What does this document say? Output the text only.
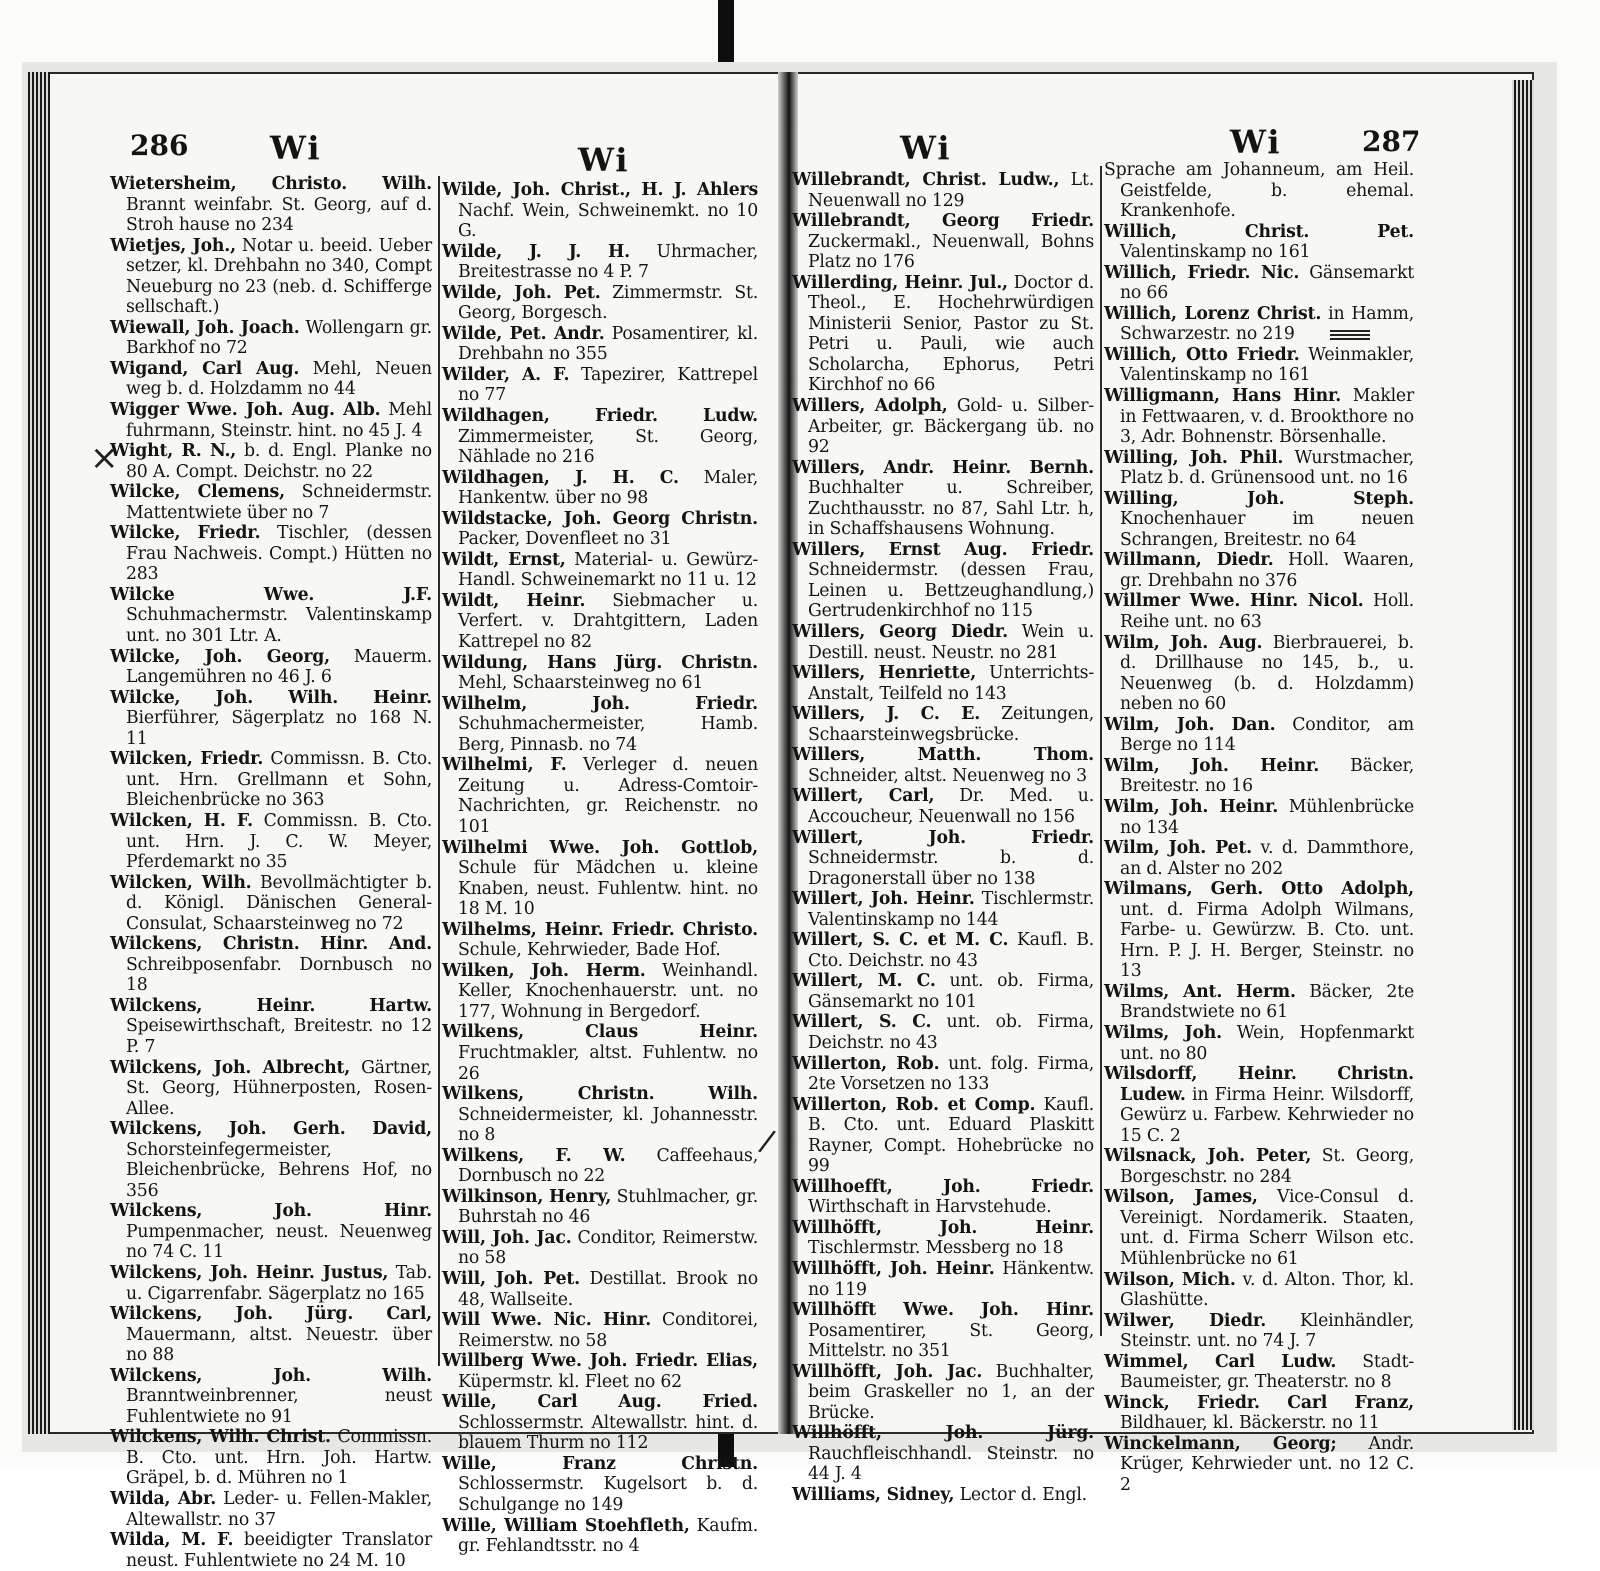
286	Wi	Wi	Wi	Wi	287
Wietersheim, Christo. Wilh. Brannt weinfabr. St. Georg, auf d. Stroh hause no 234
Wietjes, Joh., Notar u. beeid. Ueber setzer, kl. Drehbahn no 340, Compt Neueburg no 23 (neb. d. Schifferge sellschaft.)
Wiewall, Joh. Joach. Wollengarn gr. Barkhof no 72
Wigand, Carl Aug. Mehl, Neuen weg b. d. Holzdamm no 44
Wigger Wwe. Joh. Aug. Alb. Mehl fuhrmann, Steinstr. hint. no 45 J. 4
Wight, R. N., b. d. Engl. Planke no 80 A. Compt. Deichstr. no 22
Wilcke, Clemens, Schneidermstr. Mattentwiete über no 7
Wilcke, Friedr. Tischler, (dessen Frau Nachweis. Compt.) Hütten no 283
Wilcke Wwe. J.F. Schuhmachermstr. Valentinskamp unt. no 301 Ltr. A.
Wilcke, Joh. Georg, Mauerm. Langemühren no 46 J. 6
Wilcke, Joh. Wilh. Heinr. Bierführer, Sägerplatz no 168 N. 11
Wilcken, Friedr. Commissn. B. Cto. unt. Hrn. Grellmann et Sohn, Bleichenbrücke no 363
Wilcken, H. F. Commissn. B. Cto. unt. Hrn. J. C. W. Meyer, Pferdemarkt no 35
Wilcken, Wilh. Bevollmächtigter b. d. Königl. Dänischen General-Consulat, Schaarsteinweg no 72
Wilckens, Christn. Hinr. And. Schreibposenfabr. Dornbusch no 18
Wilckens, Heinr. Hartw. Speisewirthschaft, Breitestr. no 12 P. 7
Wilckens, Joh. Albrecht, Gärtner, St. Georg, Hühnerposten, Rosen-Allee.
Wilckens, Joh. Gerh. David, Schorsteinfegermeister, Bleichenbrücke, Behrens Hof, no 356
Wilckens, Joh. Hinr. Pumpenmacher, neust. Neuenweg no 74 C. 11
Wilckens, Joh. Heinr. Justus, Tab. u. Cigarrenfabr. Sägerplatz no 165
Wilckens, Joh. Jürg. Carl, Mauermann, altst. Neuestr. über no 88
Wilckens, Joh. Wilh. Branntweinbrenner, neust Fuhlentwiete no 91
Wilckens, Wilh. Christ. Commissn. B. Cto. unt. Hrn. Joh. Hartw. Gräpel, b. d. Mühren no 1
Wilda, Abr. Leder- u. Fellen-Makler, Altewallstr. no 37
Wilda, M. F. beeidigter Translator neust. Fuhlentwiete no 24 M. 10
Wilde, Joh. Christ., H. J. Ahlers Nachf. Wein, Schweinemkt. no 10 G.
Wilde, J. J. H. Uhrmacher, Breitestrasse no 4 P. 7
Wilde, Joh. Pet. Zimmermstr. St. Georg, Borgesch.
Wilde, Pet. Andr. Posamentirer, kl. Drehbahn no 355
Wilder, A. F. Tapezirer, Kattrepel no 77
Wildhagen, Friedr. Ludw. Zimmermeister, St. Georg, Nählade no 216
Wildhagen, J. H. C. Maler, Hankentw. über no 98
Wildstacke, Joh. Georg Christn. Packer, Dovenfleet no 31
Wildt, Ernst, Material- u. Gewürz-Handl. Schweinemarkt no 11 u. 12
Wildt, Heinr. Siebmacher u. Verfert. v. Drahtgittern, Laden Kattrepel no 82
Wildung, Hans Jürg. Christn. Mehl, Schaarsteinweg no 61
Wilhelm, Joh. Friedr. Schuhmachermeister, Hamb. Berg, Pinnasb. no 74
Wilhelmi, F. Verleger d. neuen Zeitung u. Adress-Comtoir-Nachrichten, gr. Reichenstr. no 101
Wilhelmi Wwe. Joh. Gottlob, Schule für Mädchen u. kleine Knaben, neust. Fuhlentw. hint. no 18 M. 10
Wilhelms, Heinr. Friedr. Christo. Schule, Kehrwieder, Bade Hof.
Wilken, Joh. Herm. Weinhandl. Keller, Knochenhauerstr. unt. no 177, Wohnung in Bergedorf.
Wilkens, Claus Heinr. Fruchtmakler, altst. Fuhlentw. no 26
Wilkens, Christn. Wilh. Schneidermeister, kl. Johannesstr. no 8
Wilkens, F. W. Caffeehaus, Dornbusch no 22
Wilkinson, Henry, Stuhlmacher, gr. Buhrstah no 46
Will, Joh. Jac. Conditor, Reimerstw. no 58
Will, Joh. Pet. Destillat. Brook no 48, Wallseite.
Will Wwe. Nic. Hinr. Conditorei, Reimerstw. no 58
Willberg Wwe. Joh. Friedr. Elias, Küpermstr. kl. Fleet no 62
Wille, Carl Aug. Fried. Schlossermstr. Altewallstr. hint. d. blauem Thurm no 112
Wille, Franz Christn. Schlossermstr. Kugelsort b. d. Schulgange no 149
Wille, William Stoehfleth, Kaufm. gr. Fehlandtsstr. no 4
Willebrandt, Christ. Ludw., Lt. Neuenwall no 129
Willebrandt, Georg Friedr. Zuckermakl., Neuenwall, Bohns Platz no 176
Willerding, Heinr. Jul., Doctor d. Theol., E. Hochehrwürdigen Ministerii Senior, Pastor zu St. Petri u. Pauli, wie auch Scholarcha, Ephorus, Petri Kirchhof no 66
Willers, Adolph, Gold- u. Silber-Arbeiter, gr. Bäckergang üb. no 92
Willers, Andr. Heinr. Bernh. Buchhalter u. Schreiber, Zuchthausstr. no 87, Sahl Ltr. h, in Schaffshausens Wohnung.
Willers, Ernst Aug. Friedr. Schneidermstr. (dessen Frau, Leinen u. Bettzeughandlung,) Gertrudenkirchhof no 115
Willers, Georg Diedr. Wein u. Destill. neust. Neustr. no 281
Willers, Henriette, Unterrichts-Anstalt, Teilfeld no 143
Willers, J. C. E. Zeitungen, Schaarsteinwegsbrücke.
Willers, Matth. Thom. Schneider, altst. Neuenweg no 3
Willert, Carl, Dr. Med. u. Accoucheur, Neuenwall no 156
Willert, Joh. Friedr. Schneidermstr. b. d. Dragonerstall über no 138
Willert, Joh. Heinr. Tischlermstr. Valentinskamp no 144
Willert, S. C. et M. C. Kaufl. B. Cto. Deichstr. no 43
Willert, M. C. unt. ob. Firma, Gänsemarkt no 101
Willert, S. C. unt. ob. Firma, Deichstr. no 43
Willerton, Rob. unt. folg. Firma, 2te Vorsetzen no 133
Willerton, Rob. et Comp. Kaufl. B. Cto. unt. Eduard Plaskitt Rayner, Compt. Hohebrücke no 99
Willhoefft, Joh. Friedr. Wirthschaft in Harvstehude.
Willhöfft, Joh. Heinr. Tischlermstr. Messberg no 18
Willhöfft, Joh. Heinr. Hänkentw. no 119
Willhöfft Wwe. Joh. Hinr. Posamentirer, St. Georg, Mittelstr. no 351
Willhöfft, Joh. Jac. Buchhalter, beim Graskeller no 1, an der Brücke.
Willhöfft, Joh. Jürg. Rauchfleischhandl. Steinstr. no 44 J. 4
Williams, Sidney, Lector d. Engl.
Sprache am Johanneum, am Heil. Geistfelde, b. ehemal. Krankenhofe.
Willich, Christ. Pet. Valentinskamp no 161
Willich, Friedr. Nic. Gänsemarkt no 66
Willich, Lorenz Christ. in Hamm, Schwarzestr. no 219
Willich, Otto Friedr. Weinmakler, Valentinskamp no 161
Willigmann, Hans Hinr. Makler in Fettwaaren, v. d. Brookthore no 3, Adr. Bohnenstr. Börsenhalle.
Willing, Joh. Phil. Wurstmacher, Platz b. d. Grünensood unt. no 16
Willing, Joh. Steph. Knochenhauer im neuen Schrangen, Breitestr. no 64
Willmann, Diedr. Holl. Waaren, gr. Drehbahn no 376
Willmer Wwe. Hinr. Nicol. Holl. Reihe unt. no 63
Wilm, Joh. Aug. Bierbrauerei, b. d. Drillhause no 145, b., u. Neuenweg (b. d. Holzdamm) neben no 60
Wilm, Joh. Dan. Conditor, am Berge no 114
Wilm, Joh. Heinr. Bäcker, Breitestr. no 16
Wilm, Joh. Heinr. Mühlenbrücke no 134
Wilm, Joh. Pet. v. d. Dammthore, an d. Alster no 202
Wilmans, Gerh. Otto Adolph, unt. d. Firma Adolph Wilmans, Farbe- u. Gewürzw. B. Cto. unt. Hrn. P. J. H. Berger, Steinstr. no 13
Wilms, Ant. Herm. Bäcker, 2te Brandstwiete no 61
Wilms, Joh. Wein, Hopfenmarkt unt. no 80
Wilsdorff, Heinr. Christn. Ludew. in Firma Heinr. Wilsdorff, Gewürz u. Farbew. Kehrwieder no 15 C. 2
Wilsnack, Joh. Peter, St. Georg, Borgeschstr. no 284
Wilson, James, Vice-Consul d. Vereinigt. Nordamerik. Staaten, unt. d. Firma Scherr Wilson etc. Mühlenbrücke no 61
Wilson, Mich. v. d. Alton. Thor, kl. Glashütte.
Wilwer, Diedr. Kleinhändler, Steinstr. unt. no 74 J. 7
Wimmel, Carl Ludw. Stadt-Baumeister, gr. Theaterstr. no 8
Winck, Friedr. Carl Franz, Bildhauer, kl. Bäckerstr. no 11
Winckelmann, Georg; Andr. Krüger, Kehrwieder unt. no 12 C. 2
×
/
